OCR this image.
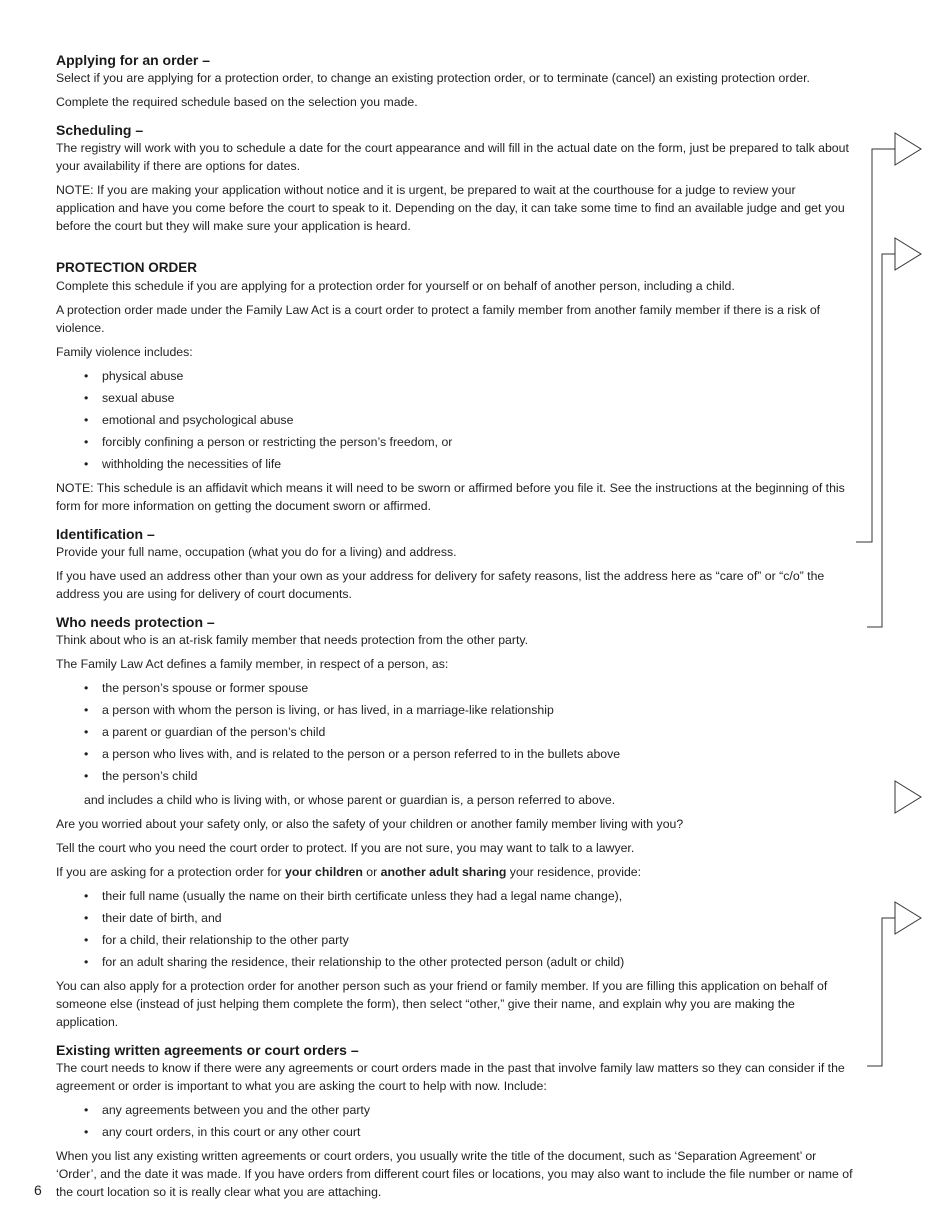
Applying for an order –

Select if you are applying for a protection order, to change an existing protection order, or to terminate (cancel) an existing protection order.

Complete the required schedule based on the selection you made.

Scheduling –

The registry will work with you to schedule a date for the court appearance and will fill in the actual date on the form, just be prepared to talk about your availability if there are options for dates.

NOTE: If you are making your application without notice and it is urgent, be prepared to wait at the courthouse for a judge to review your application and have you come before the court to speak to it. Depending on the day, it can take some time to find an available judge and get you before the court but they will make sure your application is heard.

PROTECTION ORDER

Complete this schedule if you are applying for a protection order for yourself or on behalf of another person, including a child.

A protection order made under the Family Law Act is a court order to protect a family member from another family member if there is a risk of violence.

Family violence includes:

• physical abuse
• sexual abuse
• emotional and psychological abuse
• forcibly confining a person or restricting the person’s freedom, or
• withholding the necessities of life

NOTE: This schedule is an affidavit which means it will need to be sworn or affirmed before you file it. See the instructions at the beginning of this form for more information on getting the document sworn or affirmed.

Identification –

Provide your full name, occupation (what you do for a living) and address.

If you have used an address other than your own as your address for delivery for safety reasons, list the address here as “care of” or “c/o” the address you are using for delivery of court documents.

Who needs protection –

Think about who is an at-risk family member that needs protection from the other party.

The Family Law Act defines a family member, in respect of a person, as:

• the person’s spouse or former spouse
• a person with whom the person is living, or has lived, in a marriage-like relationship
• a parent or guardian of the person’s child
• a person who lives with, and is related to the person or a person referred to in the bullets above
• the person’s child

and includes a child who is living with, or whose parent or guardian is, a person referred to above.

Are you worried about your safety only, or also the safety of your children or another family member living with you?

Tell the court who you need the court order to protect. If you are not sure, you may want to talk to a lawyer.

If you are asking for a protection order for your children or another adult sharing your residence, provide:

• their full name (usually the name on their birth certificate unless they had a legal name change),
• their date of birth, and
• for a child, their relationship to the other party
• for an adult sharing the residence, their relationship to the other protected person (adult or child)

You can also apply for a protection order for another person such as your friend or family member. If you are filling this application on behalf of someone else (instead of just helping them complete the form), then select “other,” give their name, and explain why you are making the application.

Existing written agreements or court orders –

The court needs to know if there were any agreements or court orders made in the past that involve family law matters so they can consider if the agreement or order is important to what you are asking the court to help with now. Include:

• any agreements between you and the other party
• any court orders, in this court or any other court

When you list any existing written agreements or court orders, you usually write the title of the document, such as ‘Separation Agreement’ or ‘Order’, and the date it was made. If you have orders from different court files or locations, you may also want to include the file number or name of the court location so it is really clear what you are attaching.

6
